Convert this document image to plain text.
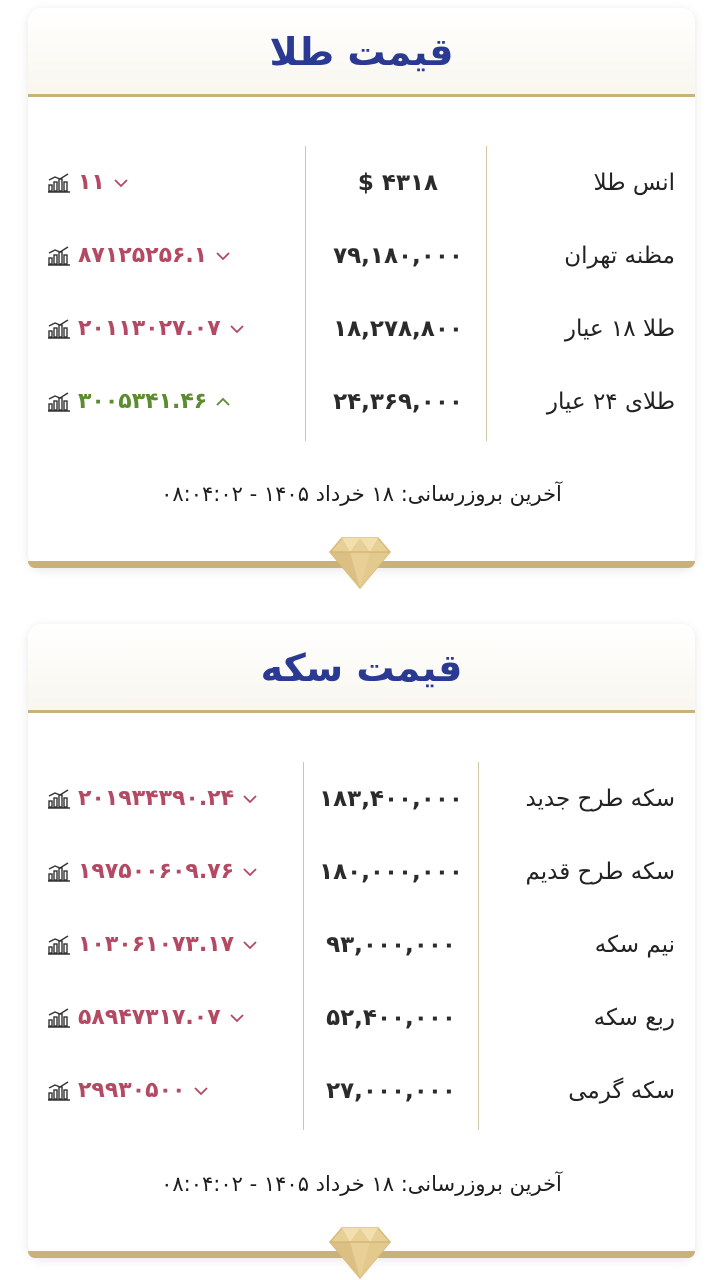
قیمت طلا
۱۱	$ ۴۳۱۸	انس طلا
۸۷۱۲۵۲۵۶.۱	۷۹,۱۸۰,۰۰۰	مظنه تهران
۲۰۱۱۳۰۲۷.۰۷	۱۸,۲۷۸,۸۰۰	طلا ۱۸ عیار
۳۰۰۵۳۴۱.۴۶	۲۴,۳۶۹,۰۰۰	طلای ۲۴ عیار
آخرین بروزرسانی: ۱۸ خرداد ۱۴۰۵ - ۰۸:۰۴:۰۲
قیمت سکه
۲۰۱۹۳۴۳۹۰.۲۴	۱۸۳,۴۰۰,۰۰۰	سکه طرح جدید
۱۹۷۵۰۰۶۰۹.۷۶	۱۸۰,۰۰۰,۰۰۰	سکه طرح قدیم
۱۰۳۰۶۱۰۷۳.۱۷	۹۳,۰۰۰,۰۰۰	نیم سکه
۵۸۹۴۷۳۱۷.۰۷	۵۲,۴۰۰,۰۰۰	ربع سکه
۲۹۹۳۰۵۰۰	۲۷,۰۰۰,۰۰۰	سکه گرمی
آخرین بروزرسانی: ۱۸ خرداد ۱۴۰۵ - ۰۸:۰۴:۰۲
